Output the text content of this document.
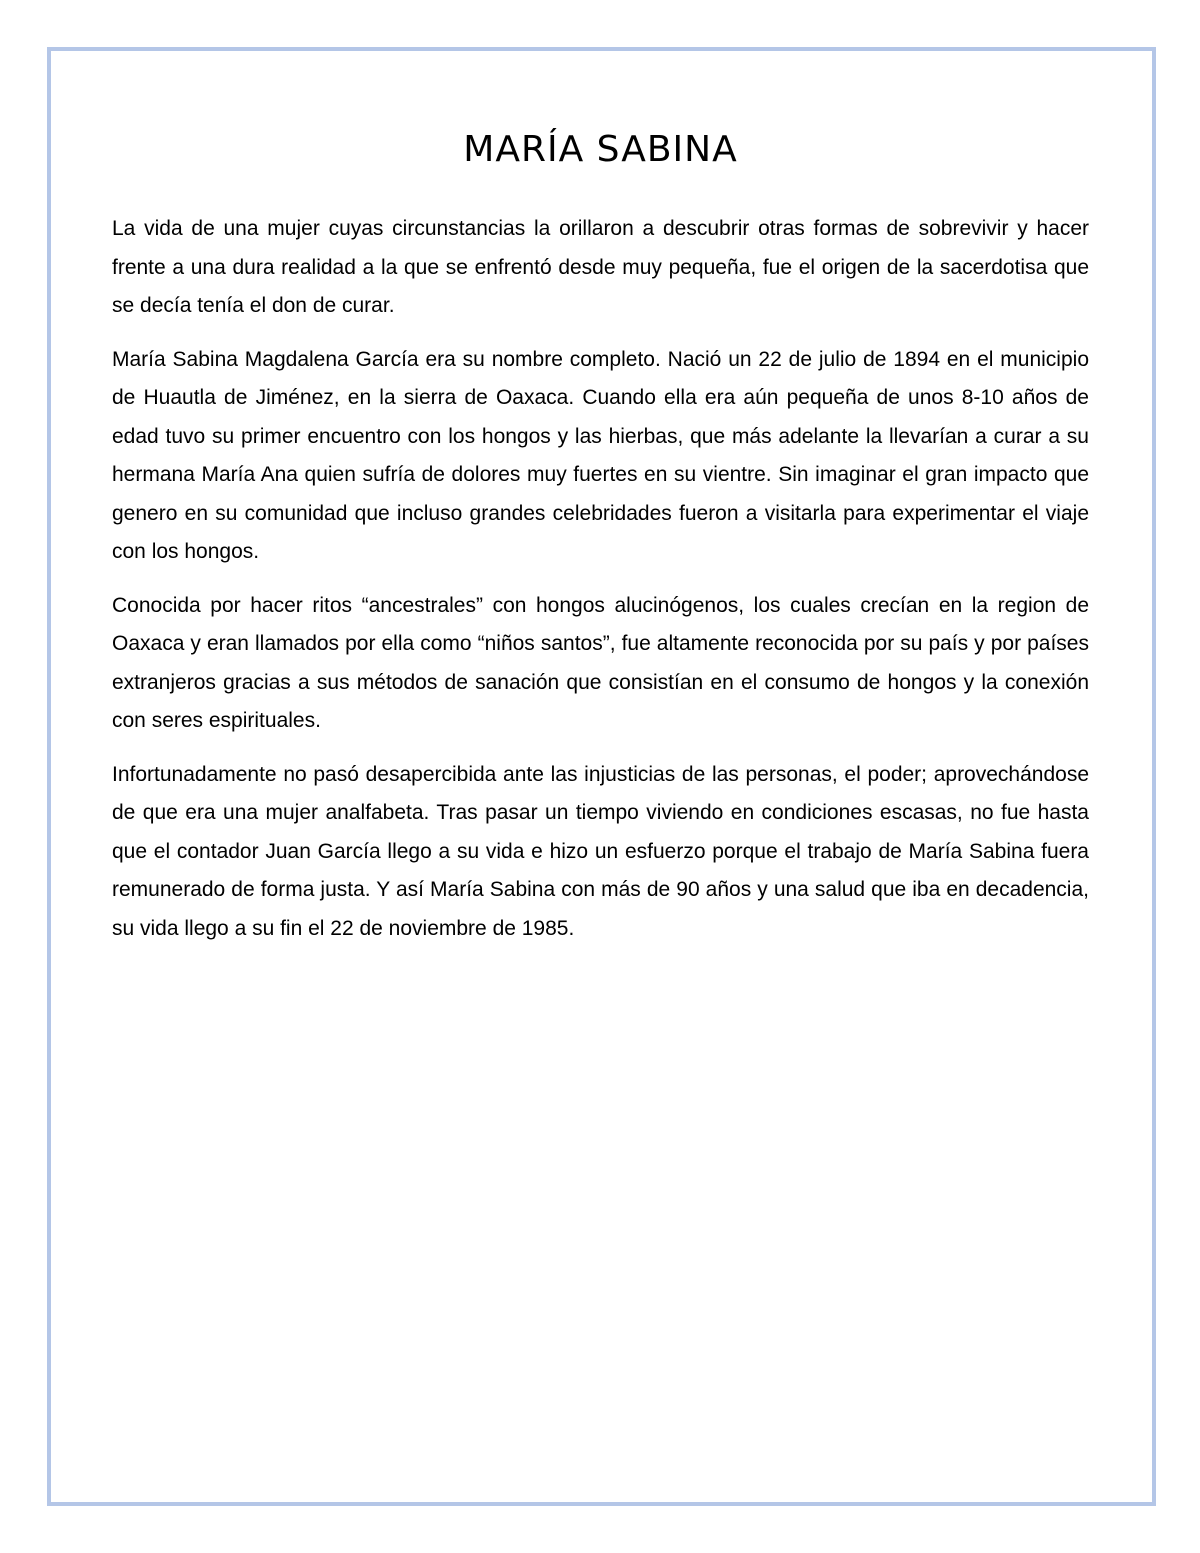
MARÍA SABINA

La vida de una mujer cuyas circunstancias la orillaron a descubrir otras formas de sobrevivir y hacer frente a una dura realidad a la que se enfrentó desde muy pequeña, fue el origen de la sacerdotisa que se decía tenía el don de curar.

María Sabina Magdalena García era su nombre completo. Nació un 22 de julio de 1894 en el municipio de Huautla de Jiménez, en la sierra de Oaxaca. Cuando ella era aún pequeña de unos 8-10 años de edad tuvo su primer encuentro con los hongos y las hierbas, que más adelante la llevarían a curar a su hermana María Ana quien sufría de dolores muy fuertes en su vientre. Sin imaginar el gran impacto que genero en su comunidad que incluso grandes celebridades fueron a visitarla para experimentar el viaje con los hongos.

Conocida por hacer ritos “ancestrales” con hongos alucinógenos, los cuales crecían en la region de Oaxaca y eran llamados por ella como “niños santos”, fue altamente reconocida por su país y por países extranjeros gracias a sus métodos de sanación que consistían en el consumo de hongos y la conexión con seres espirituales.

Infortunadamente no pasó desapercibida ante las injusticias de las personas, el poder; aprovechándose de que era una mujer analfabeta. Tras pasar un tiempo viviendo en condiciones escasas, no fue hasta que el contador Juan García llego a su vida e hizo un esfuerzo porque el trabajo de María Sabina fuera remunerado de forma justa. Y así María Sabina con más de 90 años y una salud que iba en decadencia, su vida llego a su fin el 22 de noviembre de 1985.
